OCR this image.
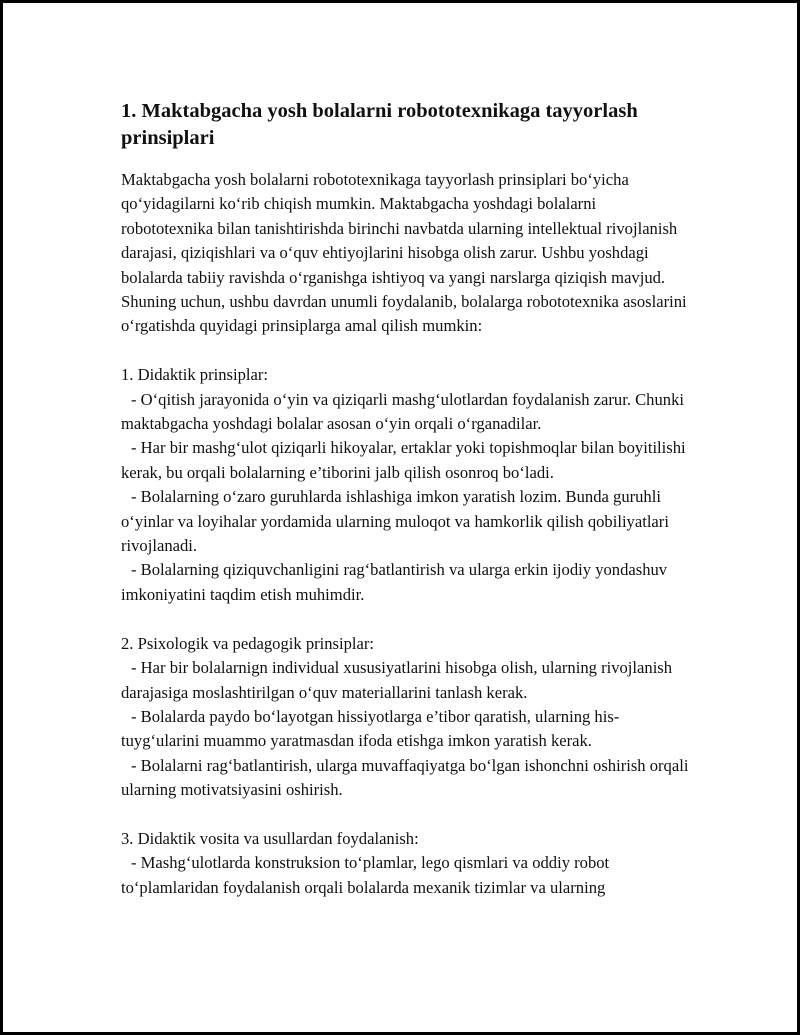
1. Maktabgacha yosh bolalarni robototexnikaga tayyorlash prinsiplari

Maktabgacha yosh bolalarni robototexnikaga tayyorlash prinsiplari bo‘yicha qo‘yidagilarni ko‘rib chiqish mumkin. Maktabgacha yoshdagi bolalarni robototexnika bilan tanishtirishda birinchi navbatda ularning intellektual rivojlanish darajasi, qiziqishlari va o‘quv ehtiyojlarini hisobga olish zarur. Ushbu yoshdagi bolalarda tabiiy ravishda o‘rganishga ishtiyoq va yangi narslarga qiziqish mavjud. Shuning uchun, ushbu davrdan unumli foydalanib, bolalarga robototexnika asoslarini o‘rgatishda quyidagi prinsiplarga amal qilish mumkin:

1. Didaktik prinsiplar:
- O‘qitish jarayonida o‘yin va qiziqarli mashg‘ulotlardan foydalanish zarur. Chunki maktabgacha yoshdagi bolalar asosan o‘yin orqali o‘rganadilar.
- Har bir mashg‘ulot qiziqarli hikoyalar, ertaklar yoki topishmoqlar bilan boyitilishi kerak, bu orqali bolalarning e’tiborini jalb qilish osonroq bo‘ladi.
- Bolalarning o‘zaro guruhlarda ishlashiga imkon yaratish lozim. Bunda guruhli o‘yinlar va loyihalar yordamida ularning muloqot va hamkorlik qilish qobiliyatlari rivojlanadi.
- Bolalarning qiziquvchanligini rag‘batlantirish va ularga erkin ijodiy yondashuv imkoniyatini taqdim etish muhimdir.
2. Psixologik va pedagogik prinsiplar:
- Har bir bolalarnign individual xususiyatlarini hisobga olish, ularning rivojlanish darajasiga moslashtirilgan o‘quv materiallarini tanlash kerak.
- Bolalarda paydo bo‘layotgan hissiyotlarga e’tibor qaratish, ularning his-tuyg‘ularini muammo yaratmasdan ifoda etishga imkon yaratish kerak.
- Bolalarni rag‘batlantirish, ularga muvaffaqiyatga bo‘lgan ishonchni oshirish orqali ularning motivatsiyasini oshirish.
3. Didaktik vosita va usullardan foydalanish:
- Mashg‘ulotlarda konstruksion to‘plamlar, lego qismlari va oddiy robot to‘plamlaridan foydalanish orqali bolalarda mexanik tizimlar va ularning
